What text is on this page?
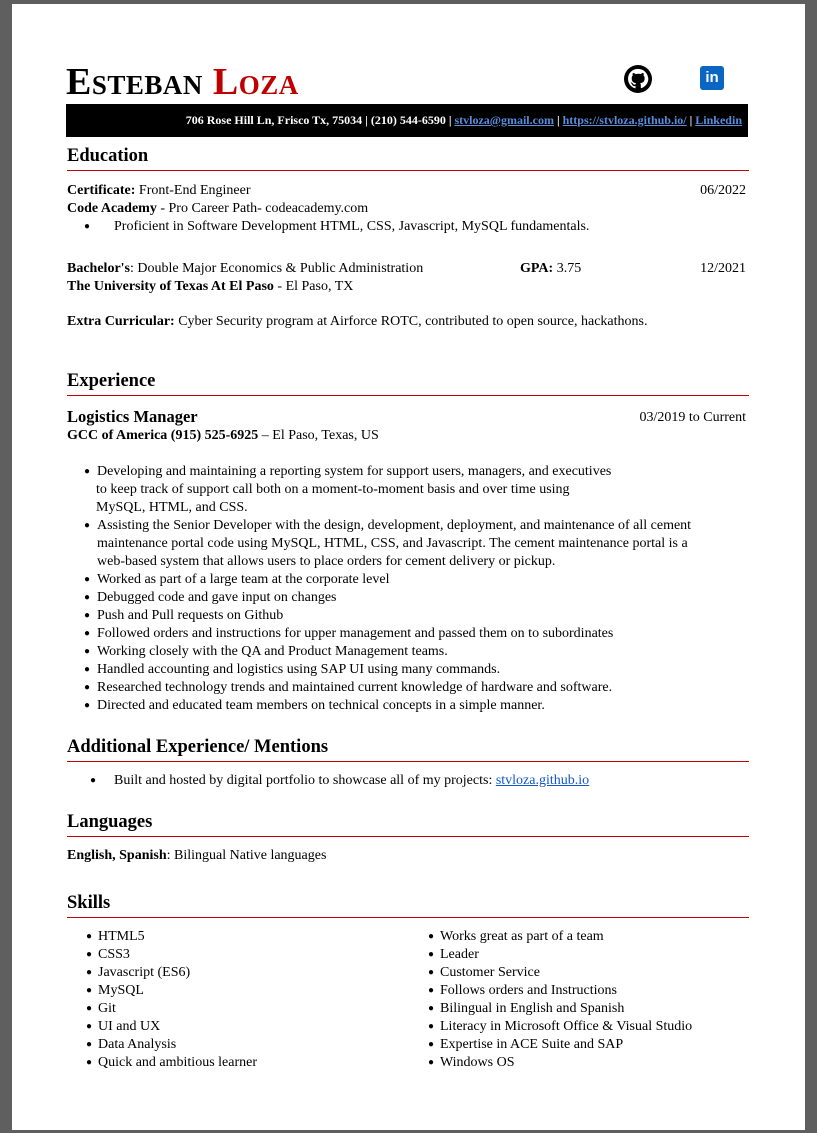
Esteban Loza	in
706 Rose Hill Ln, Frisco Tx, 75034 | (210) 544-6590 | stvloza@gmail.com | https://stvloza.github.io/ | Linkedin
Education
Certificate: Front-End Engineer	06/2022
Code Academy - Pro Career Path- codeacademy.com
● Proficient in Software Development HTML, CSS, Javascript, MySQL fundamentals.
Bachelor's: Double Major Economics & Public Administration	GPA: 3.75	12/2021
The University of Texas At El Paso - El Paso, TX
Extra Curricular: Cyber Security program at Airforce ROTC, contributed to open source, hackathons.
Experience
Logistics Manager	03/2019 to Current
GCC of America (915) 525-6925 – El Paso, Texas, US
● Developing and maintaining a reporting system for support users, managers, and executives
to keep track of support call both on a moment-to-moment basis and over time using
MySQL, HTML, and CSS.
● Assisting the Senior Developer with the design, development, deployment, and maintenance of all cement
maintenance portal code using MySQL, HTML, CSS, and Javascript. The cement maintenance portal is a
web-based system that allows users to place orders for cement delivery or pickup.
● Worked as part of a large team at the corporate level
● Debugged code and gave input on changes
● Push and Pull requests on Github
● Followed orders and instructions for upper management and passed them on to subordinates
● Working closely with the QA and Product Management teams.
● Handled accounting and logistics using SAP UI using many commands.
● Researched technology trends and maintained current knowledge of hardware and software.
● Directed and educated team members on technical concepts in a simple manner.
Additional Experience/ Mentions
● Built and hosted by digital portfolio to showcase all of my projects: stvloza.github.io
Languages
English, Spanish: Bilingual Native languages
Skills
● HTML5
● CSS3
● Javascript (ES6)
● MySQL
● Git
● UI and UX
● Data Analysis
● Quick and ambitious learner
● Works great as part of a team
● Leader
● Customer Service
● Follows orders and Instructions
● Bilingual in English and Spanish
● Literacy in Microsoft Office & Visual Studio
● Expertise in ACE Suite and SAP
● Windows OS
